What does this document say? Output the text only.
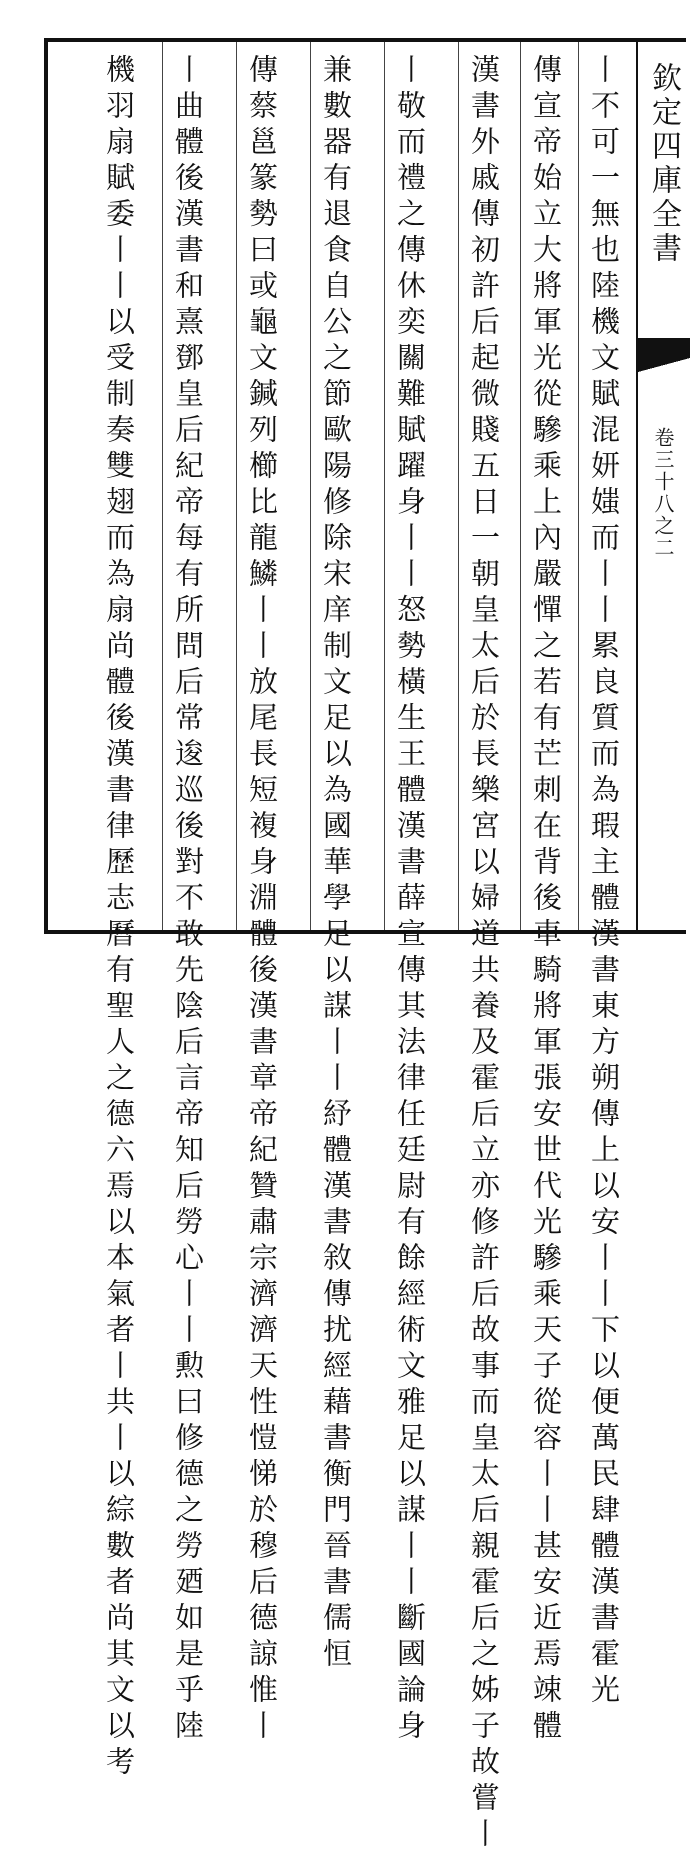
欽定四庫全書
卷三十八之二
丨不可一無也陸機文賦混妍媸而丨丨累良質而為瑕主體漢書東方朔傳上以安丨丨下以便萬民肆體漢書霍光
傳宣帝始立大將軍光從驂乘上內嚴憚之若有芒刺在背後車騎將軍張安世代光驂乘天子從容丨丨甚安近焉竦體
漢書外戚傳初許后起微賤五日一朝皇太后於長樂宮以婦道共養及霍后立亦修許后故事而皇太后親霍后之姊子故嘗丨
丨敬而禮之傳休奕關難賦躍身丨丨怒勢橫生王體漢書薛宣傳其法律任廷尉有餘經術文雅足以謀丨丨斷國論身
兼數器有退食自公之節歐陽修除宋庠制文足以為國華學足以謀丨丨紓體漢書敘傳扰經藉書衡門晉書儒恒
傳蔡邕篆勢曰或龜文鍼列櫛比龍鱗丨丨放尾長短複身淵體後漢書章帝紀贊肅宗濟濟天性愷悌於穆后德諒惟丨
丨曲體後漢書和熹鄧皇后紀帝每有所問后常逡巡後對不敢先陰后言帝知后勞心丨丨勲曰修德之勞廼如是乎陸
機羽扇賦委丨丨以受制奏雙翅而為扇尚體後漢書律歷志曆有聖人之德六焉以本氣者丨共丨以綜數者尚其文以考
